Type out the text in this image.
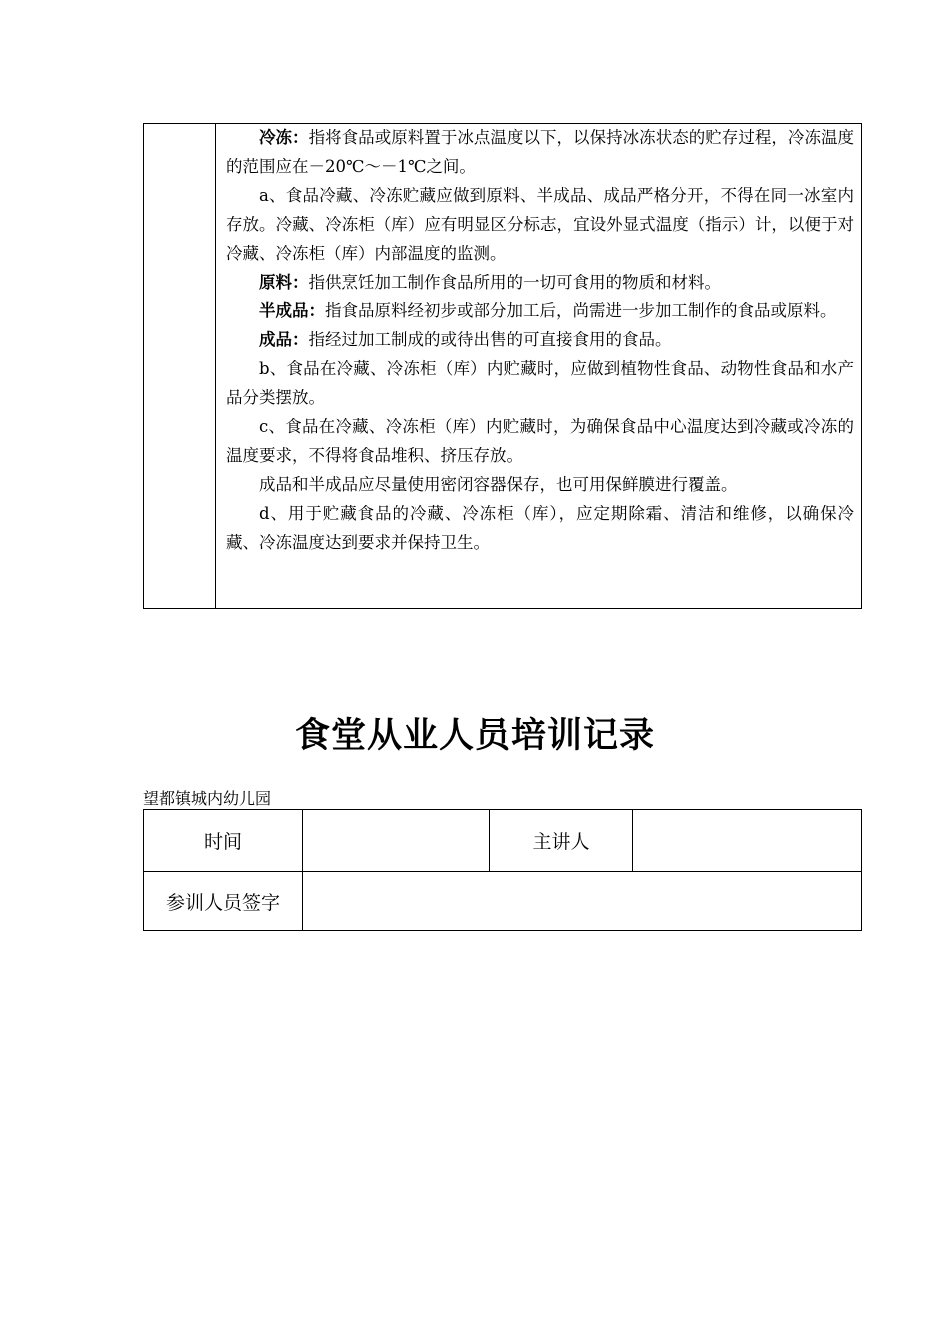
冷冻：指将食品或原料置于冰点温度以下，以保持冰冻状态的贮存过程，冷冻温度的范围应在－20℃～－1℃之间。

a、食品冷藏、冷冻贮藏应做到原料、半成品、成品严格分开，不得在同一冰室内存放。冷藏、冷冻柜（库）应有明显区分标志，宜设外显式温度（指示）计，以便于对冷藏、冷冻柜（库）内部温度的监测。

原料：指供烹饪加工制作食品所用的一切可食用的物质和材料。

半成品：指食品原料经初步或部分加工后，尚需进一步加工制作的食品或原料。

成品：指经过加工制成的或待出售的可直接食用的食品。

b、食品在冷藏、冷冻柜（库）内贮藏时，应做到植物性食品、动物性食品和水产品分类摆放。

c、食品在冷藏、冷冻柜（库）内贮藏时，为确保食品中心温度达到冷藏或冷冻的温度要求，不得将食品堆积、挤压存放。

成品和半成品应尽量使用密闭容器保存，也可用保鲜膜进行覆盖。

d、用于贮藏食品的冷藏、冷冻柜（库），应定期除霜、清洁和维修，以确保冷藏、冷冻温度达到要求并保持卫生。

食堂从业人员培训记录
望都镇城内幼儿园
时间	主讲人
参训人员签字
